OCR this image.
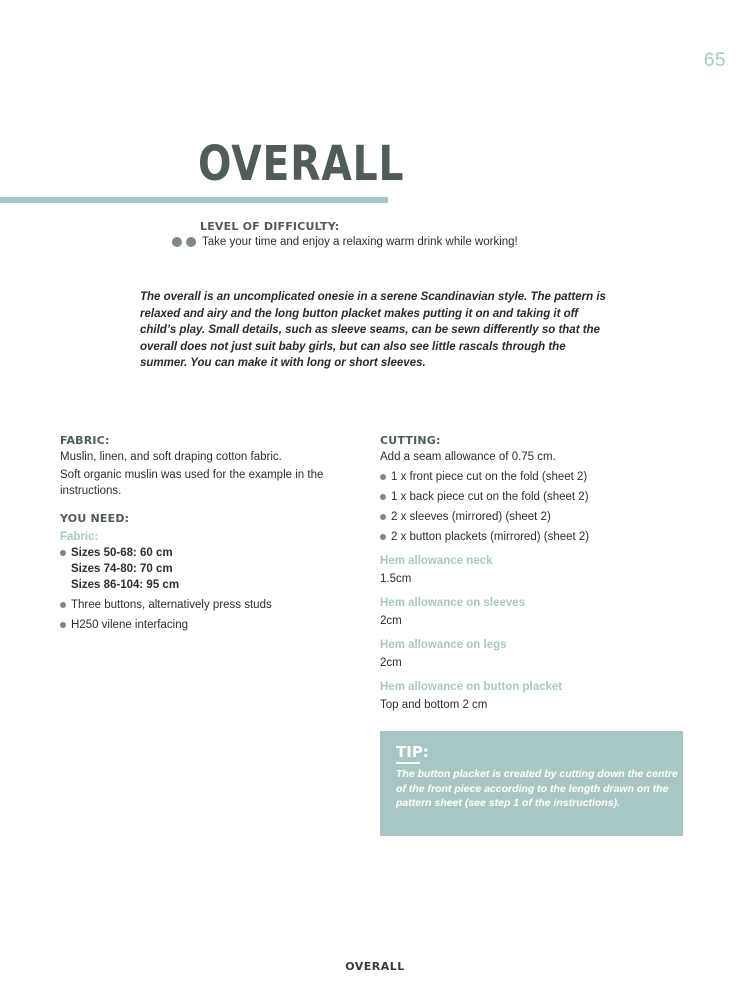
65
OVERALL
LEVEL OF DIFFICULTY:
Take your time and enjoy a relaxing warm drink while working!

The overall is an uncomplicated onesie in a serene Scandinavian style. The pattern is relaxed and airy and the long button placket makes putting it on and taking it off child’s play. Small details, such as sleeve seams, can be sewn differently so that the overall does not just suit baby girls, but can also see little rascals through the summer. You can make it with long or short sleeves.

FABRIC:

Muslin, linen, and soft draping cotton fabric.

Soft organic muslin was used for the example in the instructions.

YOU NEED:
Fabric:
Sizes 50-68: 60 cm
Sizes 74-80: 70 cm
Sizes 86-104: 95 cm
Three buttons, alternatively press studs
H250 vilene interfacing
CUTTING:

Add a seam allowance of 0.75 cm.

1 x front piece cut on the fold (sheet 2)
1 x back piece cut on the fold (sheet 2)
2 x sleeves (mirrored) (sheet 2)
2 x button plackets (mirrored) (sheet 2)
Hem allowance neck

1.5cm

Hem allowance on sleeves

2cm

Hem allowance on legs

2cm

Hem allowance on button placket

Top and bottom 2 cm

TIP:
The button placket is created by cutting down the centre of the front piece according to the length drawn on the pattern sheet (see step 1 of the instructions).
OVERALL
